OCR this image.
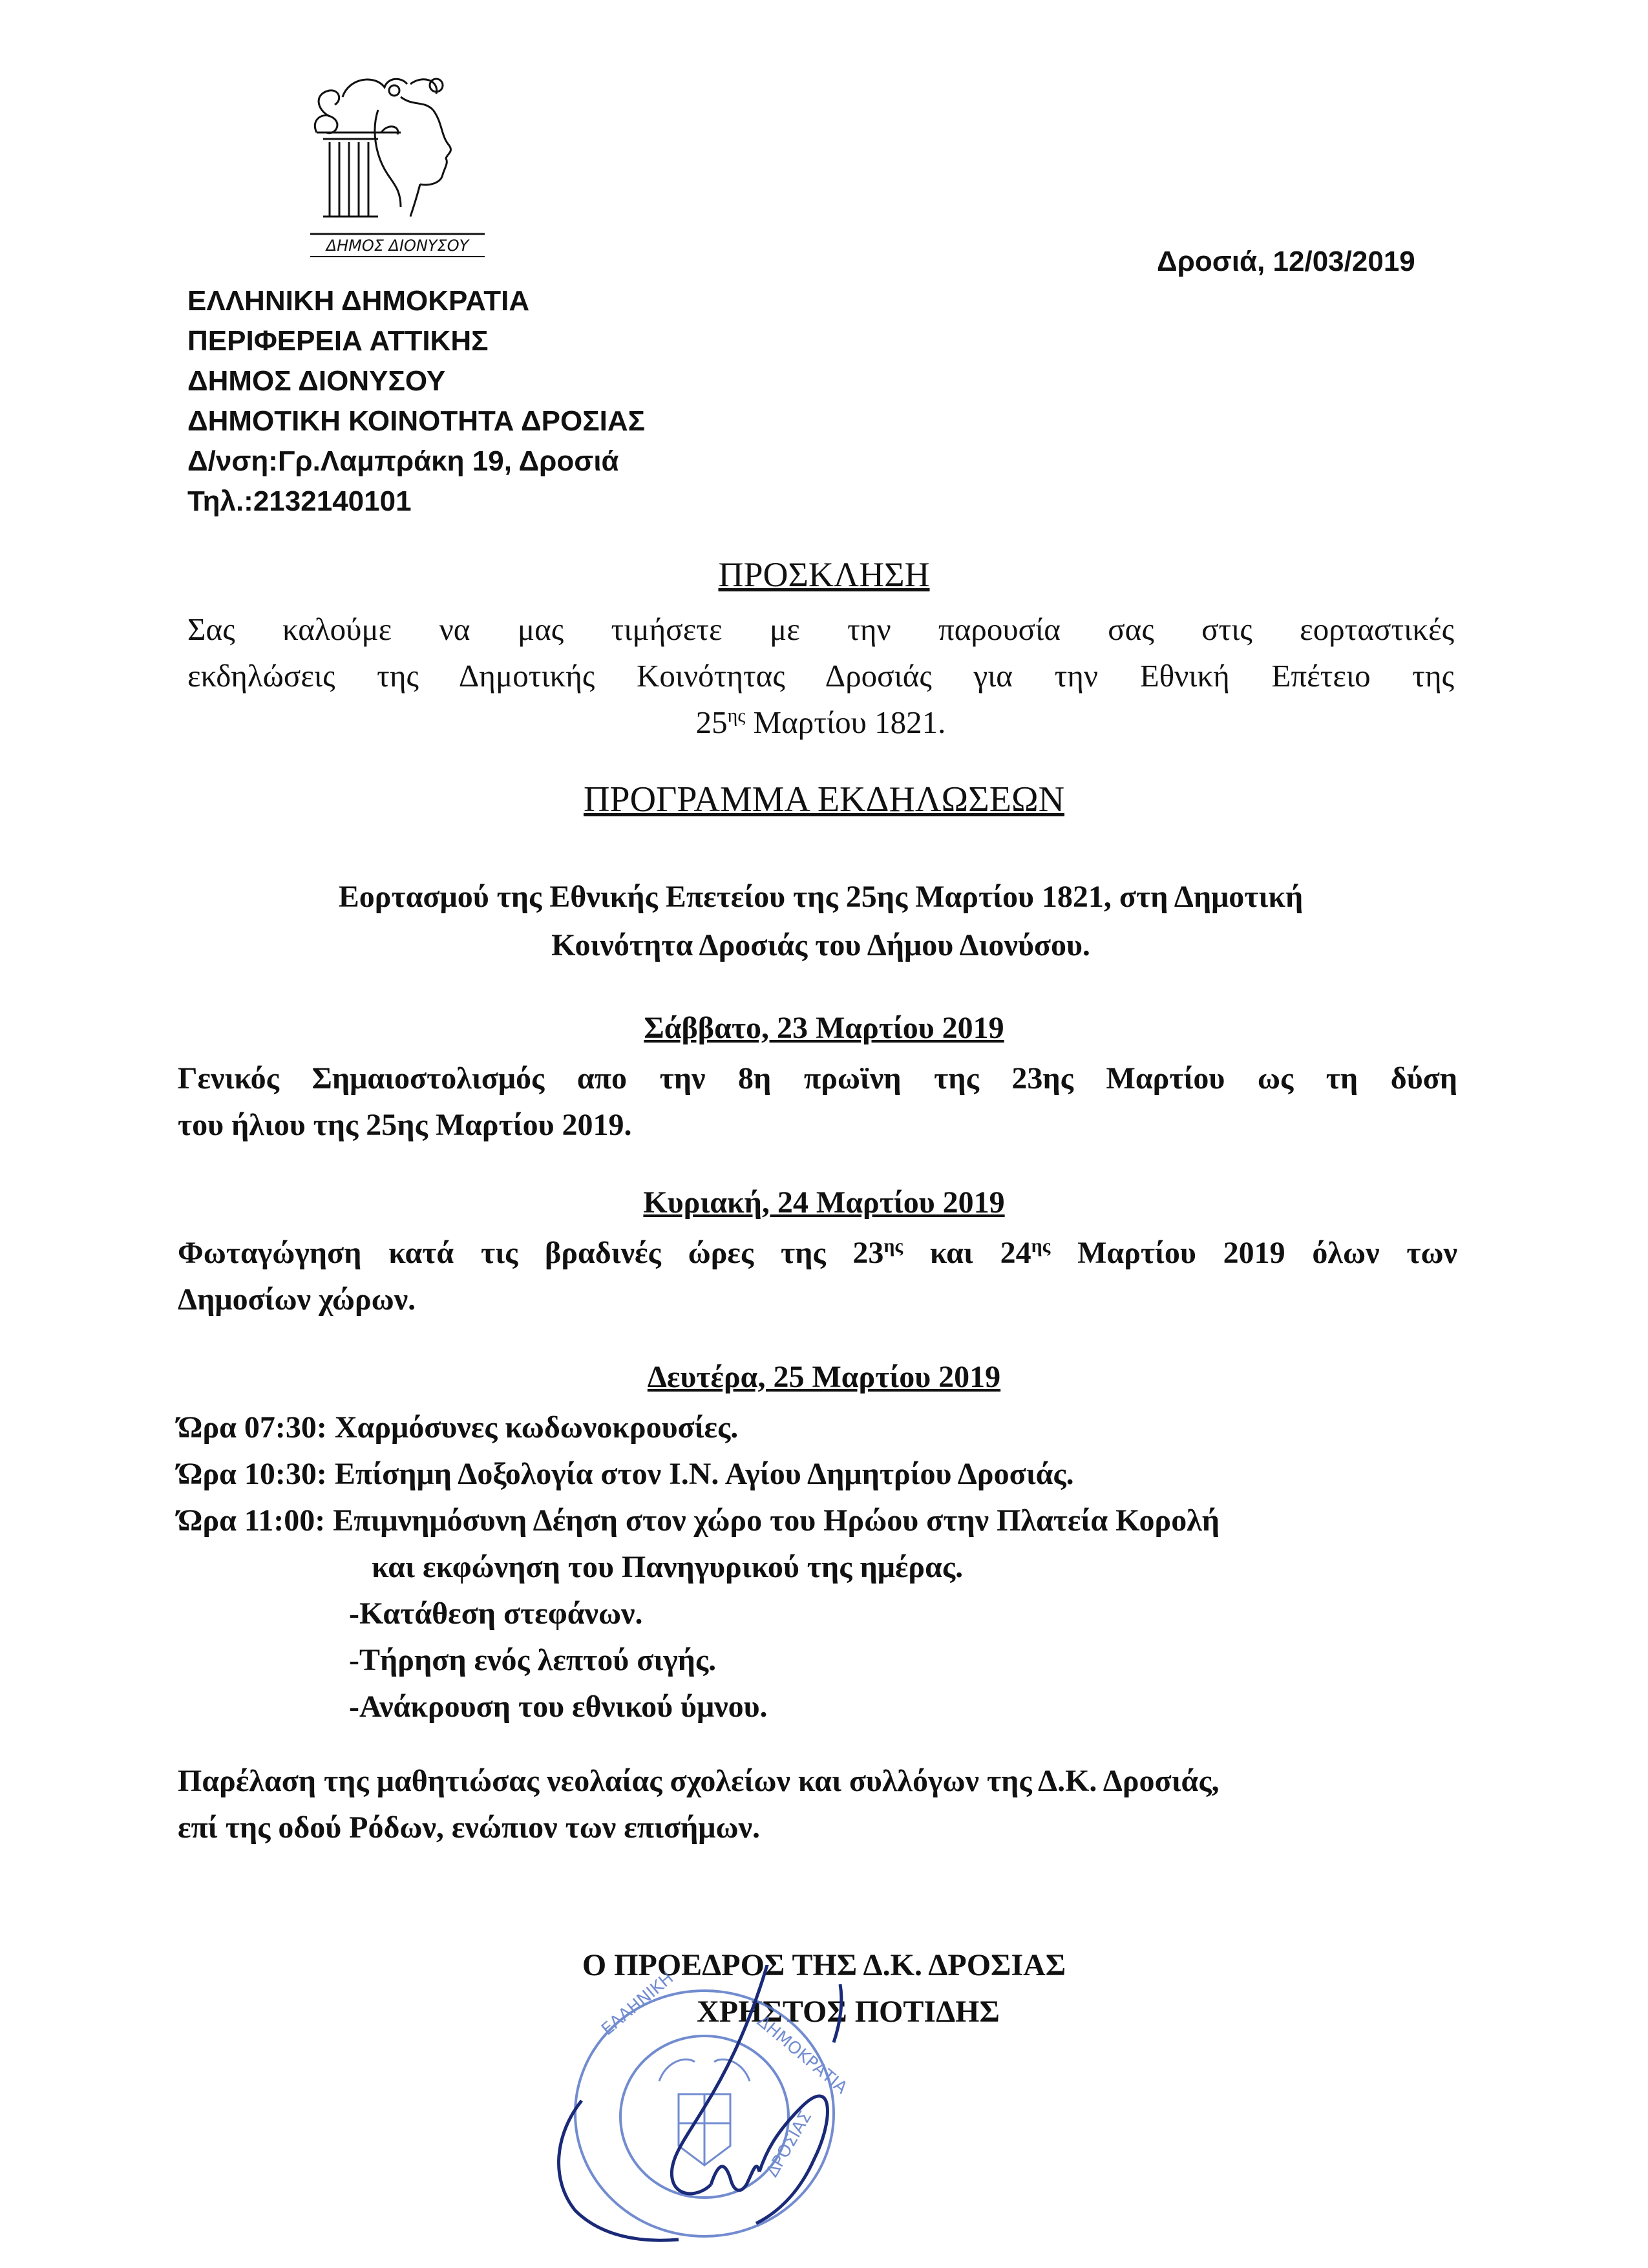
ΔΗΜΟΣ ΔΙΟΝΥΣΟΥ	Δροσιά, 12/03/2019
ΕΛΛΗΝΙΚΗ ΔΗΜΟΚΡΑΤΙΑ
ΠΕΡΙΦΕΡΕΙΑ ΑΤΤΙΚΗΣ
ΔΗΜΟΣ ΔΙΟΝΥΣΟΥ
ΔΗΜΟΤΙΚΗ ΚΟΙΝΟΤΗΤΑ ΔΡΟΣΙΑΣ
Δ/νση:Γρ.Λαμπράκη 19, Δροσιά
Τηλ.:2132140101
ΠΡΟΣΚΛΗΣΗ
Σας καλούμε να μας τιμήσετε με την παρουσία σας στις εορταστικές
εκδηλώσεις της Δημοτικής Κοινότητας Δροσιάς για την Εθνική Επέτειο της
$25^{\eta\varsigma}$ Μαρτίου 1821.
ΠΡΟΓΡΑΜΜΑ ΕΚΔΗΛΩΣΕΩΝ
Εορτασμού της Εθνικής Επετείου της 25ης Μαρτίου 1821, στη Δημοτική
Κοινότητα Δροσιάς του Δήμου Διονύσου.
Σάββατο, 23 Μαρτίου 2019
Γενικός Σημαιοστολισμός απο την 8η πρωϊνη της 23ης Μαρτίου ως τη δύση
του ήλιου της 25ης Μαρτίου 2019.
Κυριακή, 24 Μαρτίου 2019
Φωταγώγηση κατά τις βραδινές ώρες της $23^{\eta\varsigma}$ και $24^{\eta\varsigma}$ Μαρτίου 2019 όλων των
Δημοσίων χώρων.
Δευτέρα, 25 Μαρτίου 2019
Ώρα 07:30: Χαρμόσυνες κωδωνοκρουσίες.
Ώρα 10:30: Επίσημη Δοξολογία στον Ι.Ν. Αγίου Δημητρίου Δροσιάς.
Ώρα 11:00: Επιμνημόσυνη Δέηση στον χώρο του Ηρώου στην Πλατεία Κορολή
και εκφώνηση του Πανηγυρικού της ημέρας.
-Κατάθεση στεφάνων.
-Τήρηση ενός λεπτού σιγής.
-Ανάκρουση του εθνικού ύμνου.
Παρέλαση της μαθητιώσας νεολαίας σχολείων και συλλόγων της Δ.Κ. Δροσιάς,
επί της οδού Ρόδων, ενώπιον των επισήμων.
Ο ΠΡΟΕΔΡΟΣ ΤΗΣ Δ.Κ. ΔΡΟΣΙΑΣ
ΧΡΗΣΤΟΣ ΠΟΤΙΔΗΣ
ΕΛΛΗΝΙΚΗ
ΔΗΜΟΚΡΑΤΙΑ
ΔΡΟΣΙΑΣ
